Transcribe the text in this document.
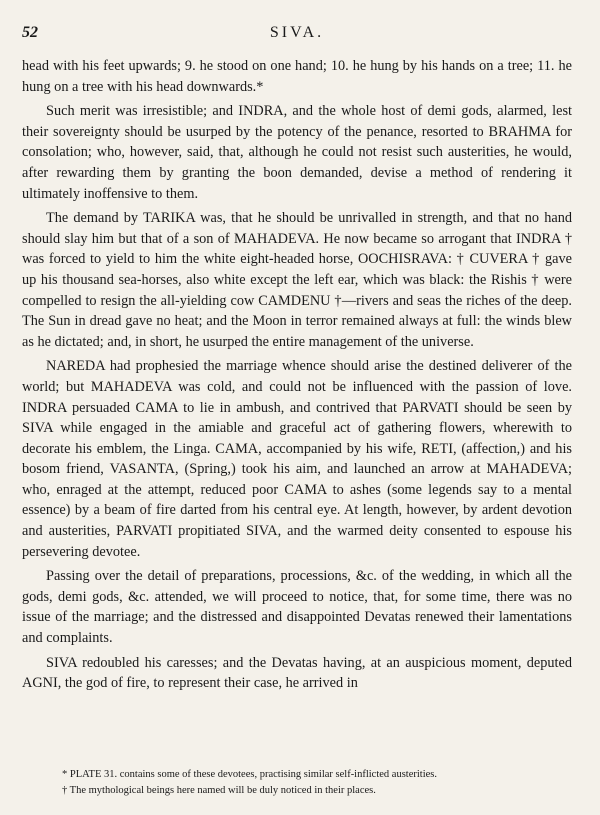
52	SIVA.

head with his feet upwards; 9. he stood on one hand; 10. he hung by his hands on a tree; 11. he hung on a tree with his head downwards.*

Such merit was irresistible; and INDRA, and the whole host of demi gods, alarmed, lest their sovereignty should be usurped by the potency of the penance, resorted to BRAHMA for consolation; who, however, said, that, although he could not resist such austerities, he would, after rewarding them by granting the boon demanded, devise a method of rendering it ultimately inoffensive to them.

The demand by TARIKA was, that he should be unrivalled in strength, and that no hand should slay him but that of a son of MAHADEVA. He now became so arrogant that INDRA † was forced to yield to him the white eight-headed horse, OOCHISRAVA: † CUVERA † gave up his thousand sea-horses, also white except the left ear, which was black: the Rishis † were compelled to resign the all-yielding cow CAMDENU †—rivers and seas the riches of the deep. The Sun in dread gave no heat; and the Moon in terror remained always at full: the winds blew as he dictated; and, in short, he usurped the entire management of the universe.

NAREDA had prophesied the marriage whence should arise the destined deliverer of the world; but MAHADEVA was cold, and could not be influenced with the passion of love. INDRA persuaded CAMA to lie in ambush, and contrived that PARVATI should be seen by SIVA while engaged in the amiable and graceful act of gathering flowers, wherewith to decorate his emblem, the Linga. CAMA, accompanied by his wife, RETI, (affection,) and his bosom friend, VASANTA, (Spring,) took his aim, and launched an arrow at MAHADEVA; who, enraged at the attempt, reduced poor CAMA to ashes (some legends say to a mental essence) by a beam of fire darted from his central eye. At length, however, by ardent devotion and austerities, PARVATI propitiated SIVA, and the warmed deity consented to espouse his persevering devotee.

Passing over the detail of preparations, processions, &c. of the wedding, in which all the gods, demi gods, &c. attended, we will proceed to notice, that, for some time, there was no issue of the marriage; and the distressed and disappointed Devatas renewed their lamentations and complaints.

SIVA redoubled his caresses; and the Devatas having, at an auspicious moment, deputed AGNI, the god of fire, to represent their case, he arrived in

* PLATE 31. contains some of these devotees, practising similar self-inflicted austerities.
† The mythological beings here named will be duly noticed in their places.
